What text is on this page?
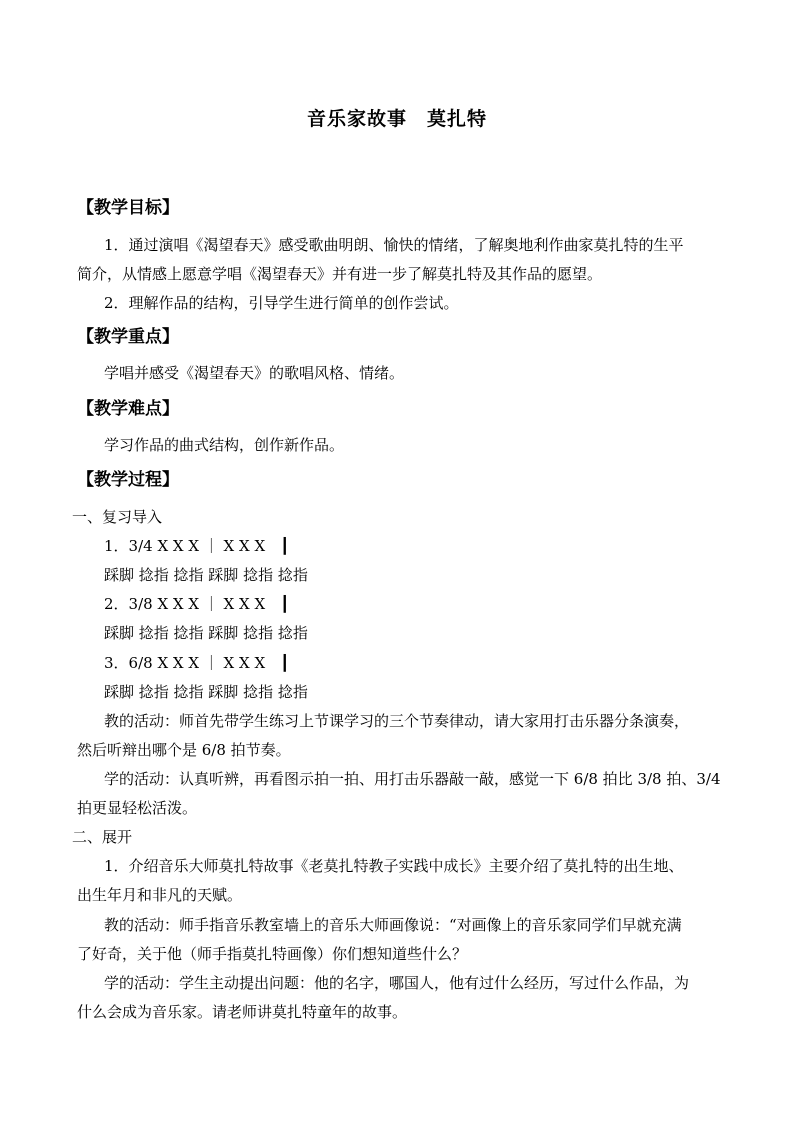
音乐家故事　莫扎特
【教学目标】
1．通过演唱《渴望春天》感受歌曲明朗、愉快的情绪，了解奥地利作曲家莫扎特的生平
简介，从情感上愿意学唱《渴望春天》并有进一步了解莫扎特及其作品的愿望。
2．理解作品的结构，引导学生进行简单的创作尝试。
【教学重点】
学唱并感受《渴望春天》的歌唱风格、情绪。
【教学难点】
学习作品的曲式结构，创作新作品。
【教学过程】
一、复习导入
1．3/4 X X X ｜ X X X　┃
踩脚 捻指 捻指 踩脚 捻指 捻指
2．3/8 X X X ｜ X X X　┃
踩脚 捻指 捻指 踩脚 捻指 捻指
3．6/8 X X X ｜ X X X　┃
踩脚 捻指 捻指 踩脚 捻指 捻指
教的活动：师首先带学生练习上节课学习的三个节奏律动，请大家用打击乐器分条演奏，
然后听辩出哪个是 6/8 拍节奏。
学的活动：认真听辨，再看图示拍一拍、用打击乐器敲一敲，感觉一下 6/8 拍比 3/8 拍、3/4
拍更显轻松活泼。
二、展开
1．介绍音乐大师莫扎特故事《老莫扎特教子实践中成长》主要介绍了莫扎特的出生地、
出生年月和非凡的天赋。
教的活动：师手指音乐教室墙上的音乐大师画像说：“对画像上的音乐家同学们早就充满
了好奇，关于他（师手指莫扎特画像）你们想知道些什么？
学的活动：学生主动提出问题：他的名字，哪国人，他有过什么经历，写过什么作品，为
什么会成为音乐家。请老师讲莫扎特童年的故事。
